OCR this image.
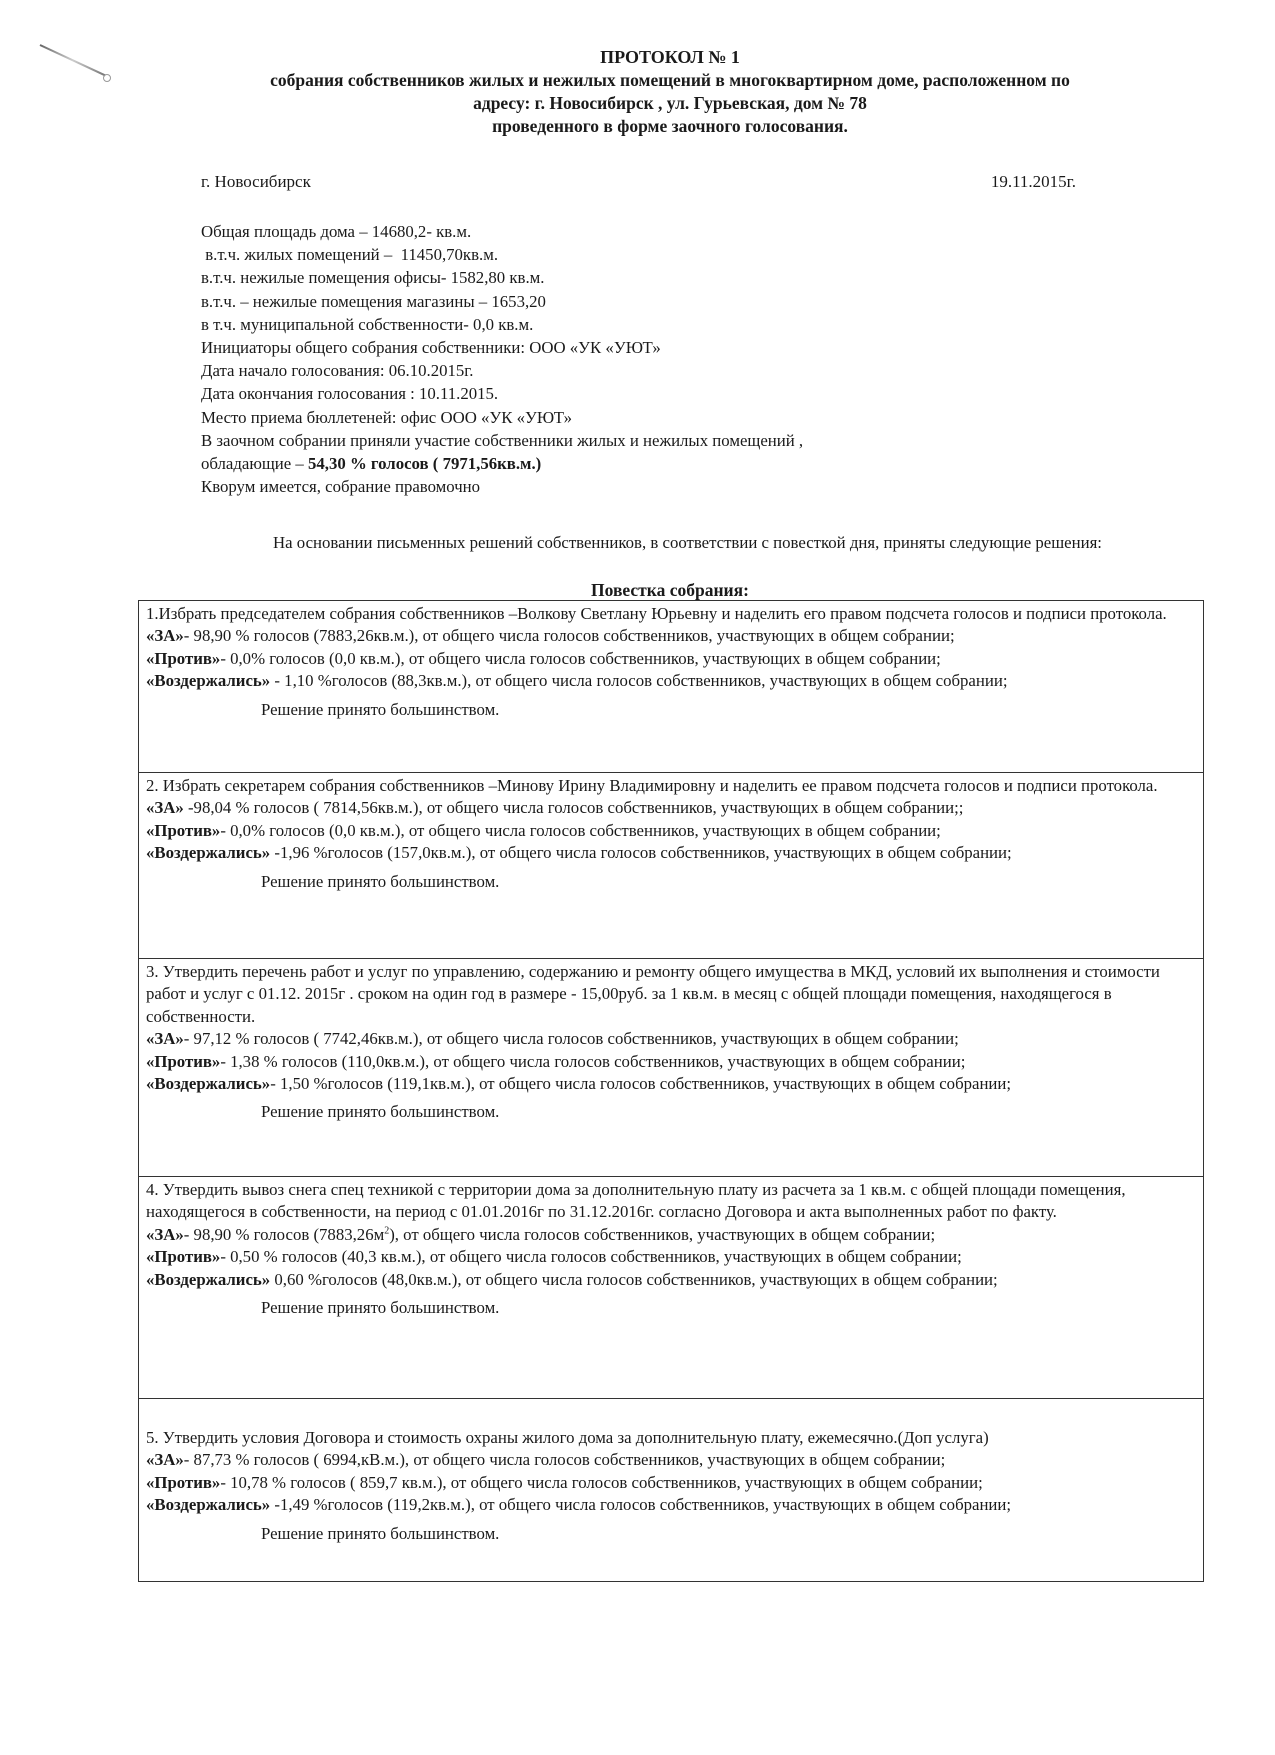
ПРОТОКОЛ № 1
собрания собственников жилых и нежилых помещений в многоквартирном доме, расположенном по
адресу: г. Новосибирск , ул. Гурьевская, дом № 78
проведенного в форме заочного голосования.
г. Новосибирск	19.11.2015г.
Общая площадь дома – 14680,2- кв.м.
в.т.ч. жилых помещений –  11450,70кв.м.
в.т.ч. нежилые помещения офисы- 1582,80 кв.м.
в.т.ч. – нежилые помещения магазины – 1653,20
в т.ч. муниципальной собственности- 0,0 кв.м.
Инициаторы общего собрания собственники: ООО «УК «УЮТ»
Дата начало голосования: 06.10.2015г.
Дата окончания голосования : 10.11.2015.
Место приема бюллетеней: офис ООО «УК «УЮТ»
В заочном собрании приняли участие собственники жилых и нежилых помещений ,
обладающие – 54,30 % голосов ( 7971,56кв.м.)
Кворум имеется, собрание правомочно
На основании письменных решений собственников, в соответствии с повесткой дня, приняты следующие решения:
Повестка собрания:
1.Избрать председателем собрания собственников –Волкову Светлану Юрьевну и наделить его правом подсчета голосов и подписи протокола.
«ЗА»- 98,90 % голосов (7883,26кв.м.), от общего числа голосов собственников, участвующих в общем собрании;
«Против»- 0,0% голосов (0,0 кв.м.), от общего числа голосов собственников, участвующих в общем собрании;
«Воздержались» - 1,10 %голосов (88,3кв.м.), от общего числа голосов собственников, участвующих в общем собрании;
Решение принято большинством.
2. Избрать секретарем собрания собственников –Минову Ирину Владимировну и наделить ее правом подсчета голосов и подписи протокола.
«ЗА» -98,04 % голосов ( 7814,56кв.м.), от общего числа голосов собственников, участвующих в общем собрании;;
«Против»- 0,0% голосов (0,0 кв.м.), от общего числа голосов собственников, участвующих в общем собрании;
«Воздержались» -1,96 %голосов (157,0кв.м.), от общего числа голосов собственников, участвующих в общем собрании;
Решение принято большинством.
3. Утвердить перечень работ и услуг по управлению, содержанию и ремонту общего имущества в МКД, условий их выполнения и стоимости работ и услуг с 01.12. 2015г . сроком на один год в размере - 15,00руб. за 1 кв.м. в месяц с общей площади помещения, находящегося в собственности.
«ЗА»- 97,12 % голосов ( 7742,46кв.м.), от общего числа голосов собственников, участвующих в общем собрании;
«Против»- 1,38 % голосов (110,0кв.м.), от общего числа голосов собственников, участвующих в общем собрании;
«Воздержались»- 1,50 %голосов (119,1кв.м.), от общего числа голосов собственников, участвующих в общем собрании;
Решение принято большинством.
4. Утвердить вывоз снега спец техникой с территории дома за дополнительную плату из расчета за 1 кв.м. с общей площади помещения, находящегося в собственности, на период с 01.01.2016г по 31.12.2016г. согласно Договора и акта выполненных работ по факту.
«ЗА»- 98,90 % голосов $(7883,26м^2)$, от общего числа голосов собственников, участвующих в общем собрании;
«Против»- 0,50 % голосов (40,3 кв.м.), от общего числа голосов собственников, участвующих в общем собрании;
«Воздержались» 0,60 %голосов (48,0кв.м.), от общего числа голосов собственников, участвующих в общем собрании;
Решение принято большинством.
5. Утвердить условия Договора и стоимость охраны жилого дома за дополнительную плату, ежемесячно.(Доп услуга)
«ЗА»- 87,73 % голосов ( 6994,кВ.м.), от общего числа голосов собственников, участвующих в общем собрании;
«Против»- 10,78 % голосов ( 859,7 кв.м.), от общего числа голосов собственников, участвующих в общем собрании;
«Воздержались» -1,49 %голосов (119,2кв.м.), от общего числа голосов собственников, участвующих в общем собрании;
Решение принято большинством.
